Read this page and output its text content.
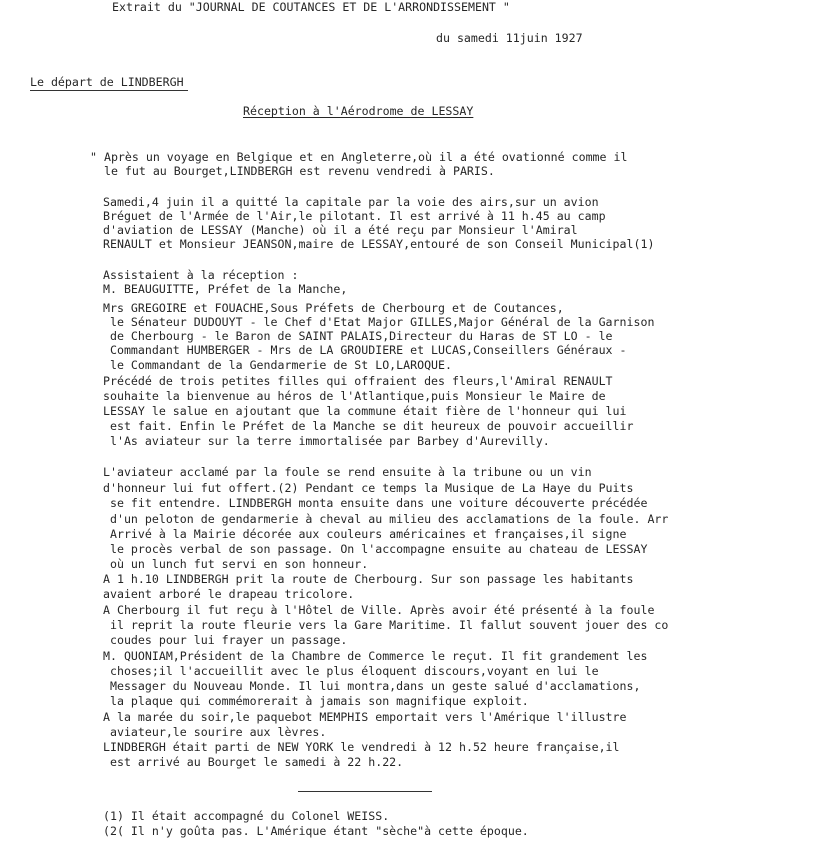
Extrait du "JOURNAL DE COUTANCES ET DE L'ARRONDISSEMENT "
du samedi 11juin 1927
Le départ de LINDBERGH
Réception à l'Aérodrome de LESSAY
" Après un voyage en Belgique et en Angleterre,où il a été ovationné comme il
le fut au Bourget,LINDBERGH est revenu vendredi à PARIS.
Samedi,4 juin il a quitté la capitale par la voie des airs,sur un avion
Bréguet de l'Armée de l'Air,le pilotant. Il est arrivé à 11 h.45 au camp
d'aviation de LESSAY (Manche) où il a été reçu par Monsieur l'Amiral
RENAULT et Monsieur JEANSON,maire de LESSAY,entouré de son Conseil Municipal(1)
Assistaient à la réception :
M. BEAUGUITTE, Préfet de la Manche,
Mrs GREGOIRE et FOUACHE,Sous Préfets de Cherbourg et de Coutances,
le Sénateur DUDOUYT - le Chef d'Etat Major GILLES,Major Général de la Garnison
de Cherbourg - le Baron de SAINT PALAIS,Directeur du Haras de ST LO - le
Commandant HUMBERGER - Mrs de LA GROUDIERE et LUCAS,Conseillers Généraux -
le Commandant de la Gendarmerie de St LO,LAROQUE.
Précédé de trois petites filles qui offraient des fleurs,l'Amiral RENAULT
souhaite la bienvenue au héros de l'Atlantique,puis Monsieur le Maire de
LESSAY le salue en ajoutant que la commune était fière de l'honneur qui lui
est fait. Enfin le Préfet de la Manche se dit heureux de pouvoir accueillir
l'As aviateur sur la terre immortalisée par Barbey d'Aurevilly.
L'aviateur acclamé par la foule se rend ensuite à la tribune ou un vin
d'honneur lui fut offert.(2) Pendant ce temps la Musique de La Haye du Puits
se fit entendre. LINDBERGH monta ensuite dans une voiture découverte précédée
d'un peloton de gendarmerie à cheval au milieu des acclamations de la foule. Arr
Arrivé à la Mairie décorée aux couleurs américaines et françaises,il signe
le procès verbal de son passage. On l'accompagne ensuite au chateau de LESSAY
où un lunch fut servi en son honneur.
A 1 h.10 LINDBERGH prit la route de Cherbourg. Sur son passage les habitants
avaient arboré le drapeau tricolore.
A Cherbourg il fut reçu à l'Hôtel de Ville. Après avoir été présenté à la foule
il reprit la route fleurie vers la Gare Maritime. Il fallut souvent jouer des co
coudes pour lui frayer un passage.
M. QUONIAM,Président de la Chambre de Commerce le reçut. Il fit grandement les
choses;il l'accueillit avec le plus éloquent discours,voyant en lui le
Messager du Nouveau Monde. Il lui montra,dans un geste salué d'acclamations,
la plaque qui commémorerait à jamais son magnifique exploit.
A la marée du soir,le paquebot MEMPHIS emportait vers l'Amérique l'illustre
aviateur,le sourire aux lèvres.
LINDBERGH était parti de NEW YORK le vendredi à 12 h.52 heure française,il
est arrivé au Bourget le samedi à 22 h.22.
(1) Il était accompagné du Colonel WEISS.
(2( Il n'y goûta pas. L'Amérique étant "sèche"à cette époque.
